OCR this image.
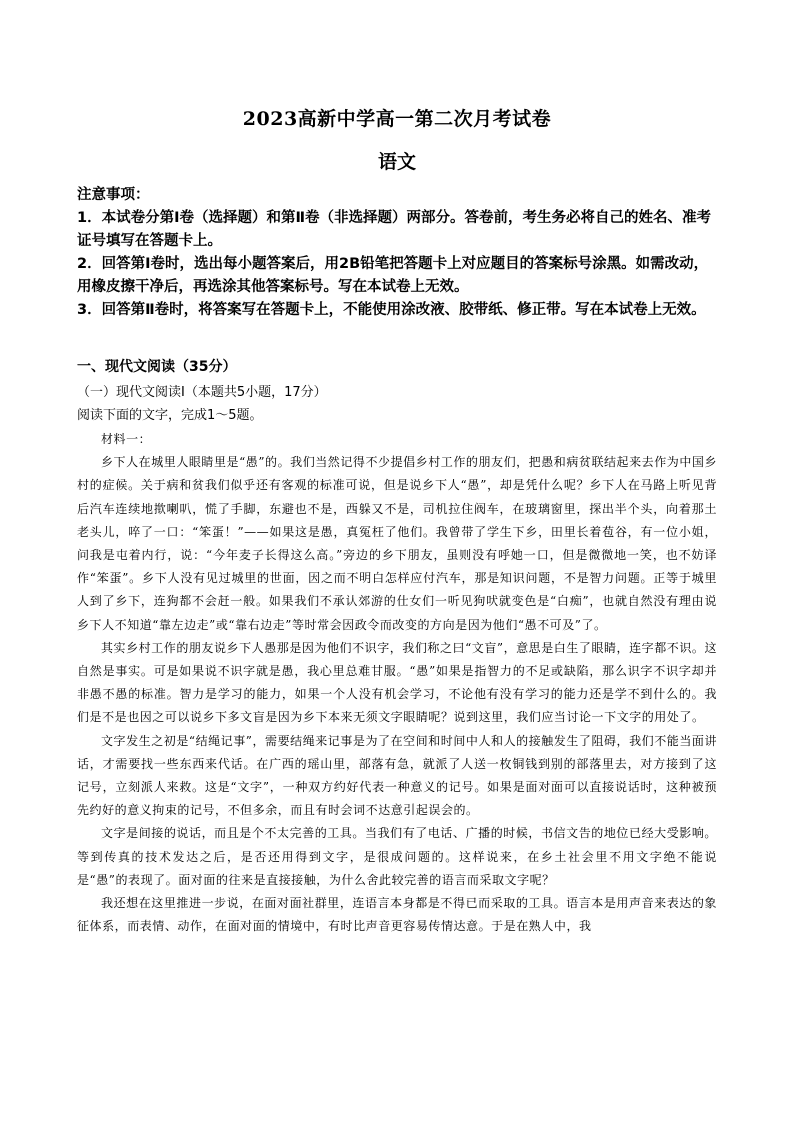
2023高新中学高一第二次月考试卷
语文

注意事项：

1．本试卷分第Ⅰ卷（选择题）和第Ⅱ卷（非选择题）两部分。答卷前，考生务必将自己的姓名、准考证号填写在答题卡上。

2．回答第Ⅰ卷时，选出每小题答案后，用2B铅笔把答题卡上对应题目的答案标号涂黑。如需改动，用橡皮擦干净后，再选涂其他答案标号。写在本试卷上无效。

3．回答第Ⅱ卷时，将答案写在答题卡上，不能使用涂改液、胶带纸、修正带。写在本试卷上无效。

一、现代文阅读（35分）

（一）现代文阅读Ⅰ（本题共5小题，17分）

阅读下面的文字，完成1～5题。

材料一：

乡下人在城里人眼睛里是“愚”的。我们当然记得不少提倡乡村工作的朋友们，把愚和病贫联结起来去作为中国乡村的症候。关于病和贫我们似乎还有客观的标准可说，但是说乡下人“愚”，却是凭什么呢？乡下人在马路上听见背后汽车连续地揿喇叭，慌了手脚，东避也不是，西躲又不是，司机拉住阀车，在玻璃窗里，探出半个头，向着那土老头儿，啐了一口：“笨蛋！”——如果这是愚，真冤枉了他们。我曾带了学生下乡，田里长着苞谷，有一位小姐，问我是屯着内行，说：“今年麦子长得这么高。”旁边的乡下朋友，虽则没有呼她一口，但是微微地一笑，也不妨译作“笨蛋”。乡下人没有见过城里的世面，因之而不明白怎样应付汽车，那是知识问题，不是智力问题。正等于城里人到了乡下，连狗都不会赶一般。如果我们不承认郊游的仕女们一听见狗吠就变色是“白痴”，也就自然没有理由说乡下人不知道“靠左边走”或“靠右边走”等时常会因政令而改变的方向是因为他们“愚不可及”了。

其实乡村工作的朋友说乡下人愚那是因为他们不识字，我们称之曰“文盲”，意思是白生了眼睛，连字都不识。这自然是事实。可是如果说不识字就是愚，我心里总难甘服。“愚”如果是指智力的不足或缺陷，那么识字不识字却并非愚不愚的标准。智力是学习的能力，如果一个人没有机会学习，不论他有没有学习的能力还是学不到什么的。我们是不是也因之可以说乡下多文盲是因为乡下本来无须文字眼睛呢？说到这里，我们应当讨论一下文字的用处了。

文字发生之初是“结绳记事”，需要结绳来记事是为了在空间和时间中人和人的接触发生了阻碍，我们不能当面讲话，才需要找一些东西来代话。在广西的瑶山里，部落有急，就派了人送一枚铜钱到别的部落里去，对方接到了这记号，立刻派人来救。这是“文字”，一种双方约好代表一种意义的记号。如果是面对面可以直接说话时，这种被预先约好的意义拘束的记号，不但多余，而且有时会词不达意引起误会的。

文字是间接的说话，而且是个不太完善的工具。当我们有了电话、广播的时候，书信文告的地位已经大受影响。等到传真的技术发达之后，是否还用得到文字，是很成问题的。这样说来，在乡土社会里不用文字绝不能说是“愚”的表现了。面对面的往来是直接接触，为什么舍此较完善的语言而采取文字呢？

我还想在这里推进一步说，在面对面社群里，连语言本身都是不得已而采取的工具。语言本是用声音来表达的象征体系，而表情、动作，在面对面的情境中，有时比声音更容易传情达意。于是在熟人中，我
